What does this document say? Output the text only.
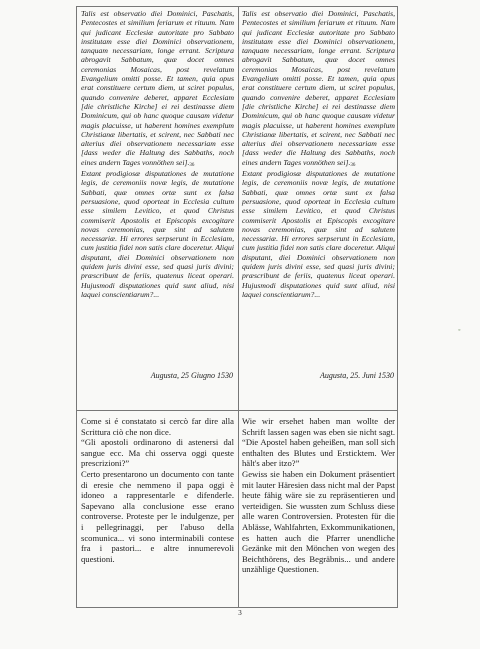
Talis est observatio diei Dominici, Paschatis, Pentecostes et similium feriarum et rituum. Nam qui judicant Ecclesiæ autoritate pro Sabbato institutam esse diei Dominici observationem, tanquam necessariam, longe errant. Scriptura abrogavit Sabbatum, quæ docet omnes ceremonias Mosaicas, post revelatum Evangelium omitti posse. Et tamen, quia opus erat constituere certum diem, ut sciret populus, quando convenire deberet, apparet Ecclesiam [die christliche Kirche] ei rei destinasse diem Dominicum, qui ob hanc quoque causam videtur magis placuisse, ut haberent homines exemplum Christianæ libertatis, et scirent, nec Sabbati nec alterius diei observationem necessariam esse [dass weder die Haltung des Sabbaths, noch eines andern Tages vonnöthen sei].$^{36}$
Extant prodigiosæ disputationes de mutatione legis, de ceremoniis novæ legis, de mutatione Sabbati, quæ omnes ortæ sunt ex falsa persuasione, quod oporteat in Ecclesia cultum esse similem Levitico, et quod Christus commiserit Apostolis et Episcopis excogitare novas ceremonias, quæ sint ad salutem necessariæ. Hi errores serpserunt in Ecclesiam, cum justitia fidei non satis clare doceretur. Aliqui disputant, diei Dominici observationem non quidem juris divini esse, sed quasi juris divini; præscribunt de feriis, quatenus liceat operari. Hujusmodi disputationes quid sunt aliud, nisi laquei conscientiarum?...

Augusta, 25 Giugno 1530

Come si é constatato si cercò far dire alla Scrittura ciò che non dice.
“Gli apostoli ordinarono di astenersi dal sangue ecc. Ma chi osserva oggi queste prescrizioni?”
Certo presentarono un documento con tante di eresie che nemmeno il papa oggi è idoneo a rappresentarle e difenderle. Sapevano alla conclusione esse erano controverse. Proteste per le indulgenze, per i pellegrinaggi, per l'abuso della scomunica... vi sono interminabili contese fra i pastori... e altre innumerevoli questioni.

Talis est observatio diei Dominici, Paschatis, Pentecostes et similium feriarum et rituum. Nam qui judicant Ecclesiæ autoritate pro Sabbato institutam esse diei Dominici observationem, tanquam necessariam, longe errant. Scriptura abrogavit Sabbatum, quæ docet omnes ceremonias Mosaicas, post revelatum Evangelium omitti posse. Et tamen, quia opus erat constituere certum diem, ut sciret populus, quando convenire deberet, apparet Ecclesiam [die christliche Kirche] ei rei destinasse diem Dominicum, qui ob hanc quoque causam videtur magis placuisse, ut haberent homines exemplum Christianæ libertatis, et scirent, nec Sabbati nec alterius diei observationem necessariam esse [dass weder die Haltung des Sabbaths, noch eines andern Tages vonnöthen sei].$^{36}$
Extant prodigiosæ disputationes de mutatione legis, de ceremoniis novæ legis, de mutatione Sabbati, quæ omnes ortæ sunt ex falsa persuasione, quod oporteat in Ecclesia cultum esse similem Levitico, et quod Christus commiserit Apostolis et Episcopis excogitare novas ceremonias, quæ sint ad salutem necessariæ. Hi errores serpserunt in Ecclesiam, cum justitia fidei non satis clare doceretur. Aliqui disputant, diei Dominici observationem non quidem juris divini esse, sed quasi juris divini; præscribunt de feriis, quatenus liceat operari. Hujusmodi disputationes quid sunt aliud, nisi laquei conscientiarum?...

Augusta, 25. Juni 1530

Wie wir ersehet haben man wollte der Schrift lassen sagen was eben sie nicht sagt. “Die Apostel haben geheißen, man soll sich enthalten des Blutes und Ersticktem. Wer hält's aber itzo?”
Gewiss sie haben ein Dokument präsentiert mit lauter Häresien dass nicht mal der Papst heute fähig wäre sie zu repräsentieren und verteidigen. Sie wussten zum Schluss diese alle waren Controversien. Protesten für die Ablässe, Wahlfahrten, Exkommunikationen, es hatten auch die Pfarrer unendliche Gezänke mit den Mönchen von wegen des Beichthörens, des Begräbnis... und andere unzählige Questionen.
3
◦
